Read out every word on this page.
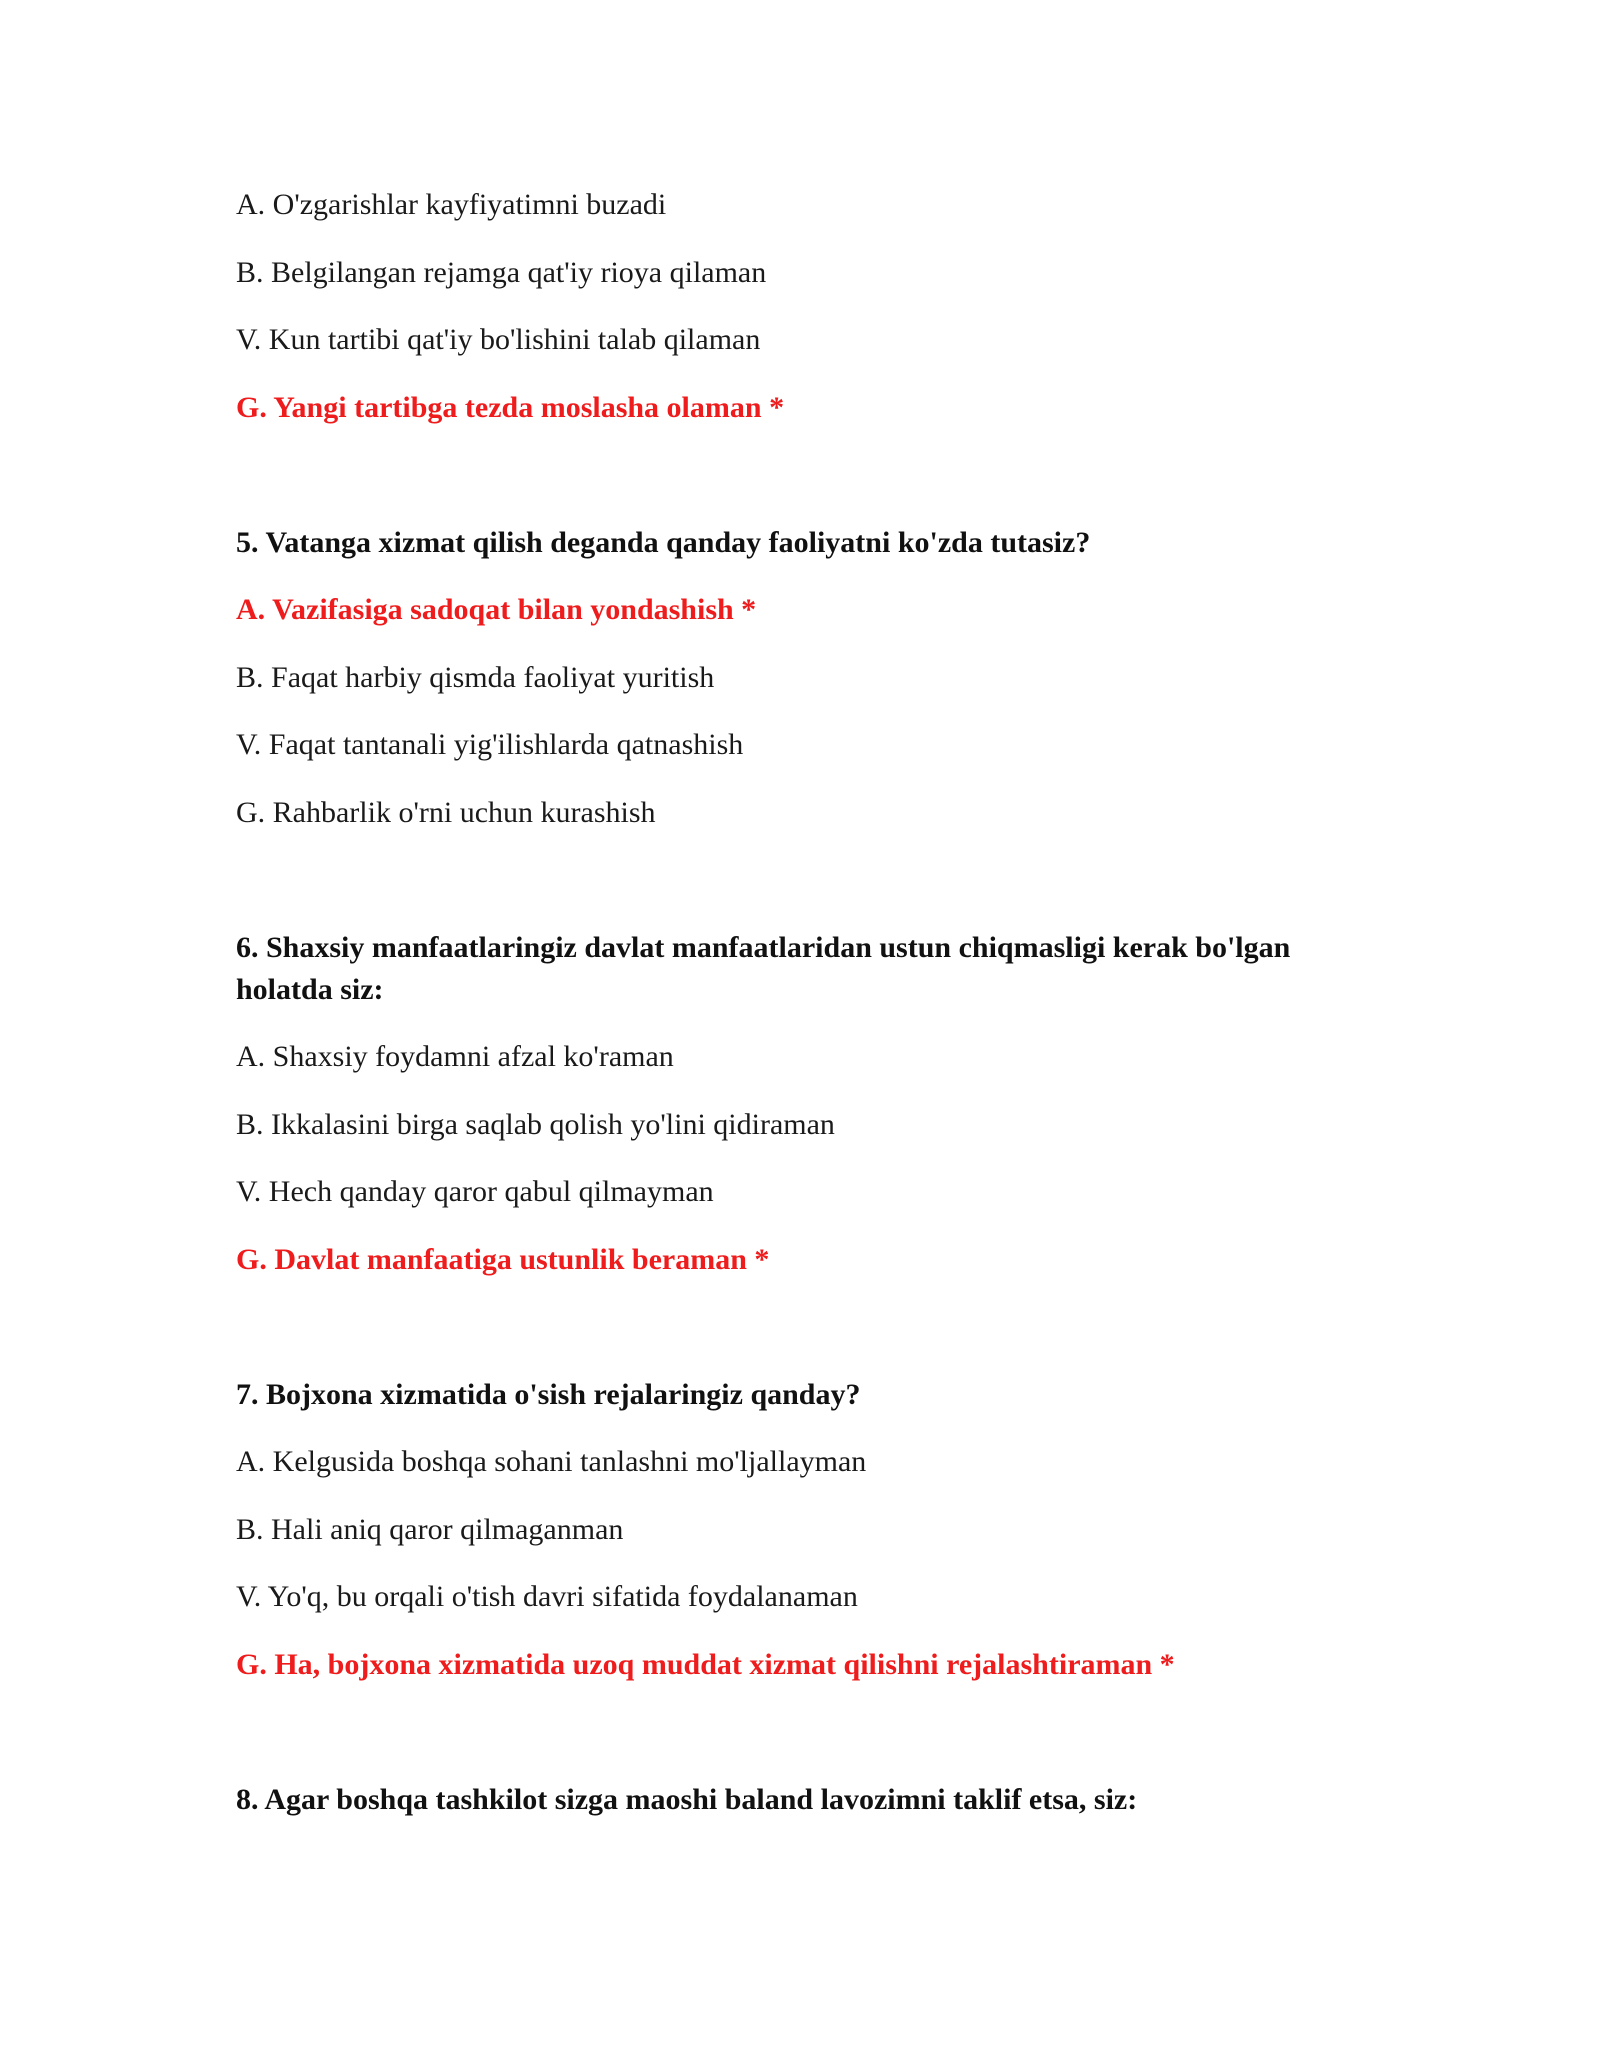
A. O'zgarishlar kayfiyatimni buzadi

B. Belgilangan rejamga qat'iy rioya qilaman

V. Kun tartibi qat'iy bo'lishini talab qilaman

G. Yangi tartibga tezda moslasha olaman *

5. Vatanga xizmat qilish deganda qanday faoliyatni ko'zda tutasiz?

A. Vazifasiga sadoqat bilan yondashish *

B. Faqat harbiy qismda faoliyat yuritish

V. Faqat tantanali yig'ilishlarda qatnashish

G. Rahbarlik o'rni uchun kurashish

6. Shaxsiy manfaatlaringiz davlat manfaatlaridan ustun chiqmasligi kerak bo'lgan holatda siz:

A. Shaxsiy foydamni afzal ko'raman

B. Ikkalasini birga saqlab qolish yo'lini qidiraman

V. Hech qanday qaror qabul qilmayman

G. Davlat manfaatiga ustunlik beraman *

7. Bojxona xizmatida o'sish rejalaringiz qanday?

A. Kelgusida boshqa sohani tanlashni mo'ljallayman

B. Hali aniq qaror qilmaganman

V. Yo'q, bu orqali o'tish davri sifatida foydalanaman

G. Ha, bojxona xizmatida uzoq muddat xizmat qilishni rejalashtiraman *

8. Agar boshqa tashkilot sizga maoshi baland lavozimni taklif etsa, siz:
